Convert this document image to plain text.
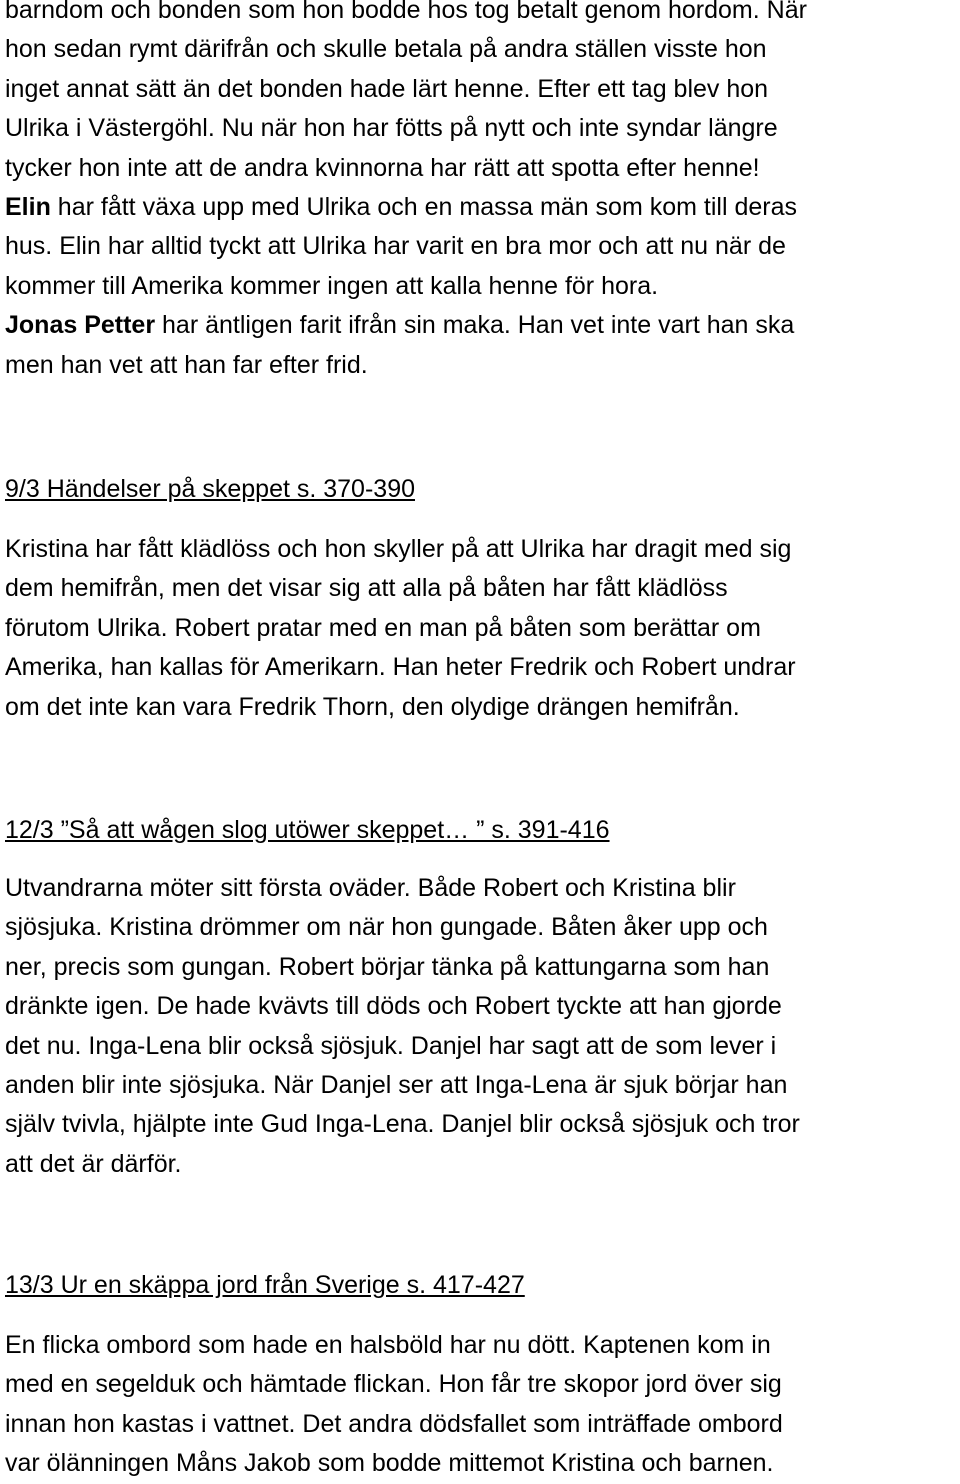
barndom och bonden som hon bodde hos tog betalt genom hordom. När
hon sedan rymt därifrån och skulle betala på andra ställen visste hon
inget annat sätt än det bonden hade lärt henne. Efter ett tag blev hon
Ulrika i Västergöhl. Nu när hon har fötts på nytt och inte syndar längre
tycker hon inte att de andra kvinnorna har rätt att spotta efter henne!
Elin har fått växa upp med Ulrika och en massa män som kom till deras
hus. Elin har alltid tyckt att Ulrika har varit en bra mor och att nu när de
kommer till Amerika kommer ingen att kalla henne för hora.
Jonas Petter har äntligen farit ifrån sin maka. Han vet inte vart han ska
men han vet att han far efter frid.
9/3 Händelser på skeppet s. 370-390
Kristina har fått klädlöss och hon skyller på att Ulrika har dragit med sig
dem hemifrån, men det visar sig att alla på båten har fått klädlöss
förutom Ulrika. Robert pratar med en man på båten som berättar om
Amerika, han kallas för Amerikarn. Han heter Fredrik och Robert undrar
om det inte kan vara Fredrik Thorn, den olydige drängen hemifrån.
12/3 ”Så att wågen slog utöwer skeppet… ” s. 391-416
Utvandrarna möter sitt första oväder. Både Robert och Kristina blir
sjösjuka. Kristina drömmer om när hon gungade. Båten åker upp och
ner, precis som gungan. Robert börjar tänka på kattungarna som han
dränkte igen. De hade kvävts till döds och Robert tyckte att han gjorde
det nu. Inga-Lena blir också sjösjuk. Danjel har sagt att de som lever i
anden blir inte sjösjuka. När Danjel ser att Inga-Lena är sjuk börjar han
själv tvivla, hjälpte inte Gud Inga-Lena. Danjel blir också sjösjuk och tror
att det är därför.
13/3 Ur en skäppa jord från Sverige s. 417-427
En flicka ombord som hade en halsböld har nu dött. Kaptenen kom in
med en segelduk och hämtade flickan. Hon får tre skopor jord över sig
innan hon kastas i vattnet. Det andra dödsfallet som inträffade ombord
var ölänningen Måns Jakob som bodde mittemot Kristina och barnen.
